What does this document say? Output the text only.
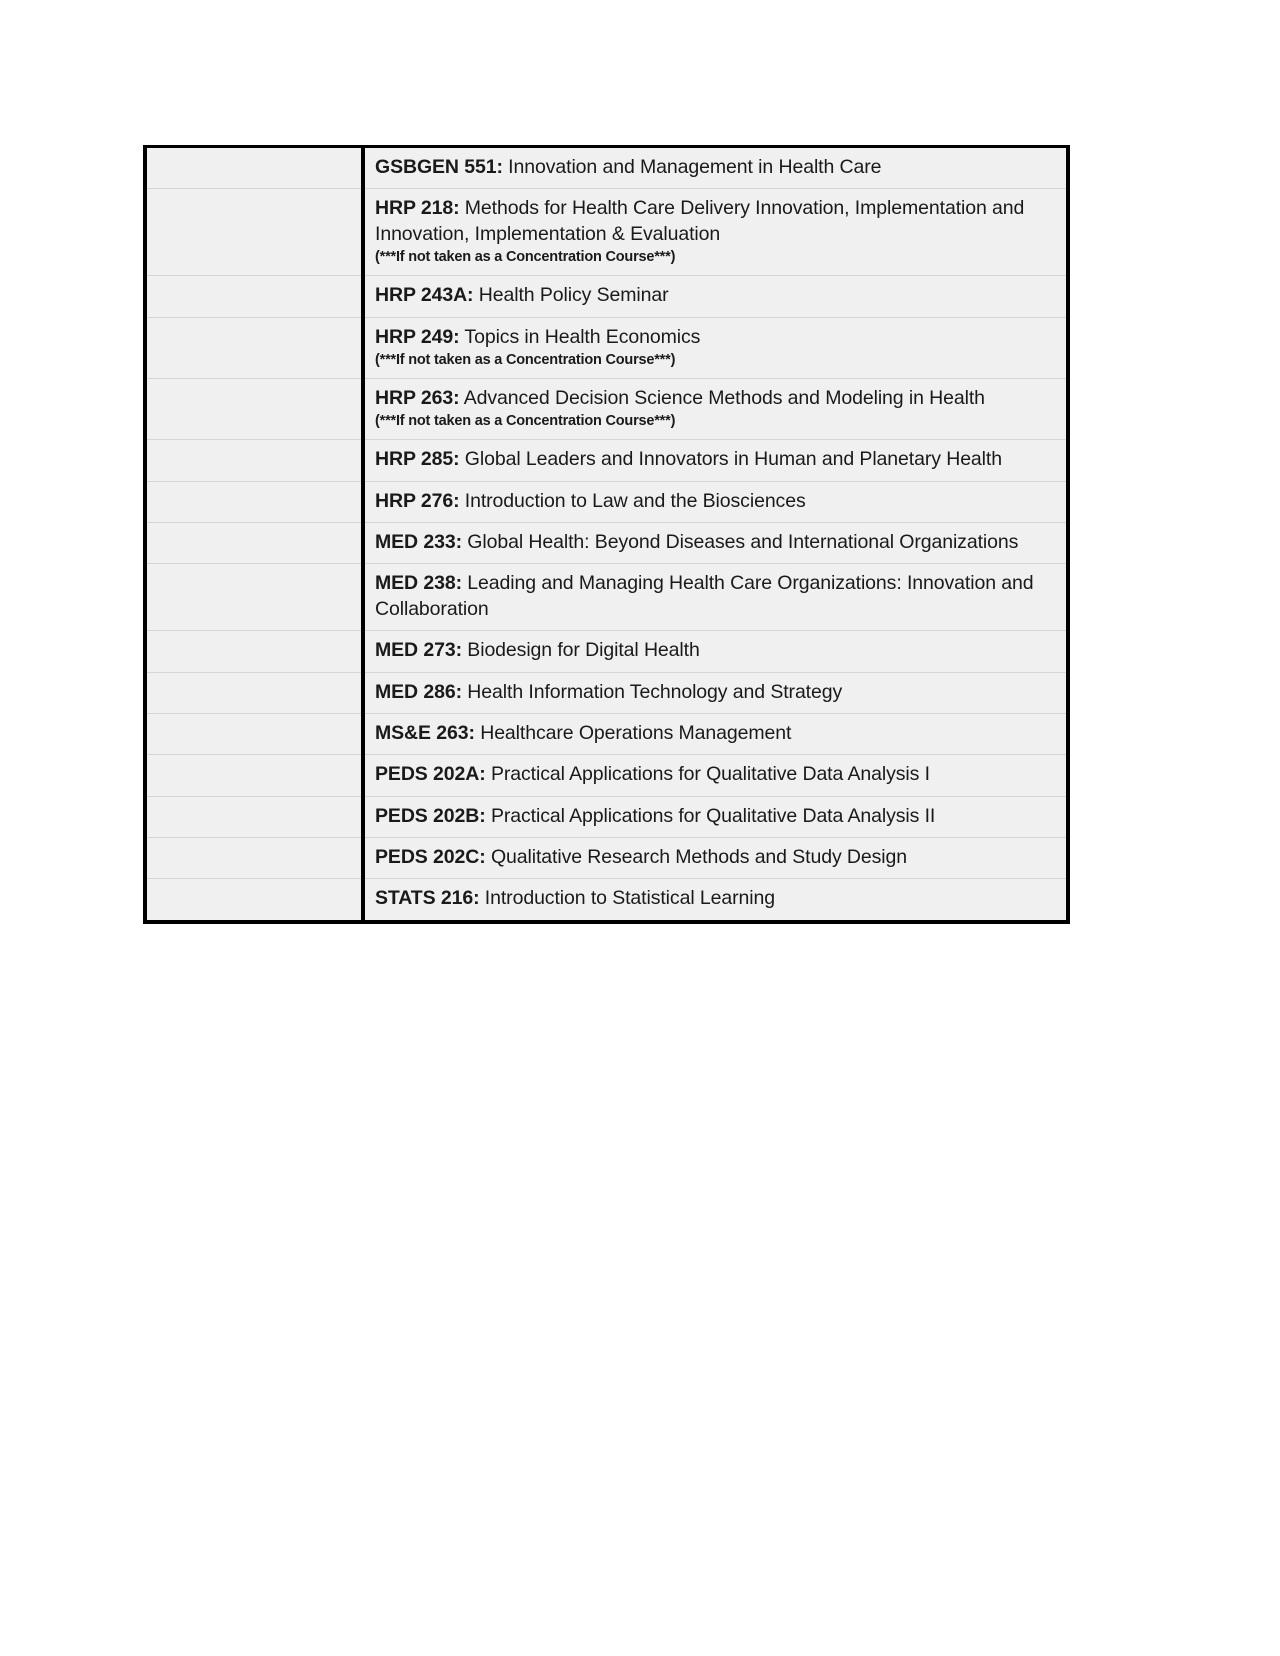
	GSBGEN 551: Innovation and Management in Health Care
	HRP 218: Methods for Health Care Delivery Innovation, Implementation and Innovation, Implementation & Evaluation
(***If not taken as a Concentration Course***)

	HRP 243A: Health Policy Seminar
	HRP 249: Topics in Health Economics
(***If not taken as a Concentration Course***)

	HRP 263: Advanced Decision Science Methods and Modeling in Health
(***If not taken as a Concentration Course***)

	HRP 285: Global Leaders and Innovators in Human and Planetary Health
	HRP 276: Introduction to Law and the Biosciences
	MED 233: Global Health: Beyond Diseases and International Organizations
	MED 238: Leading and Managing Health Care Organizations: Innovation and Collaboration
	MED 273: Biodesign for Digital Health
	MED 286: Health Information Technology and Strategy
	MS&E 263: Healthcare Operations Management
	PEDS 202A: Practical Applications for Qualitative Data Analysis I
	PEDS 202B: Practical Applications for Qualitative Data Analysis II
	PEDS 202C: Qualitative Research Methods and Study Design
	STATS 216: Introduction to Statistical Learning
